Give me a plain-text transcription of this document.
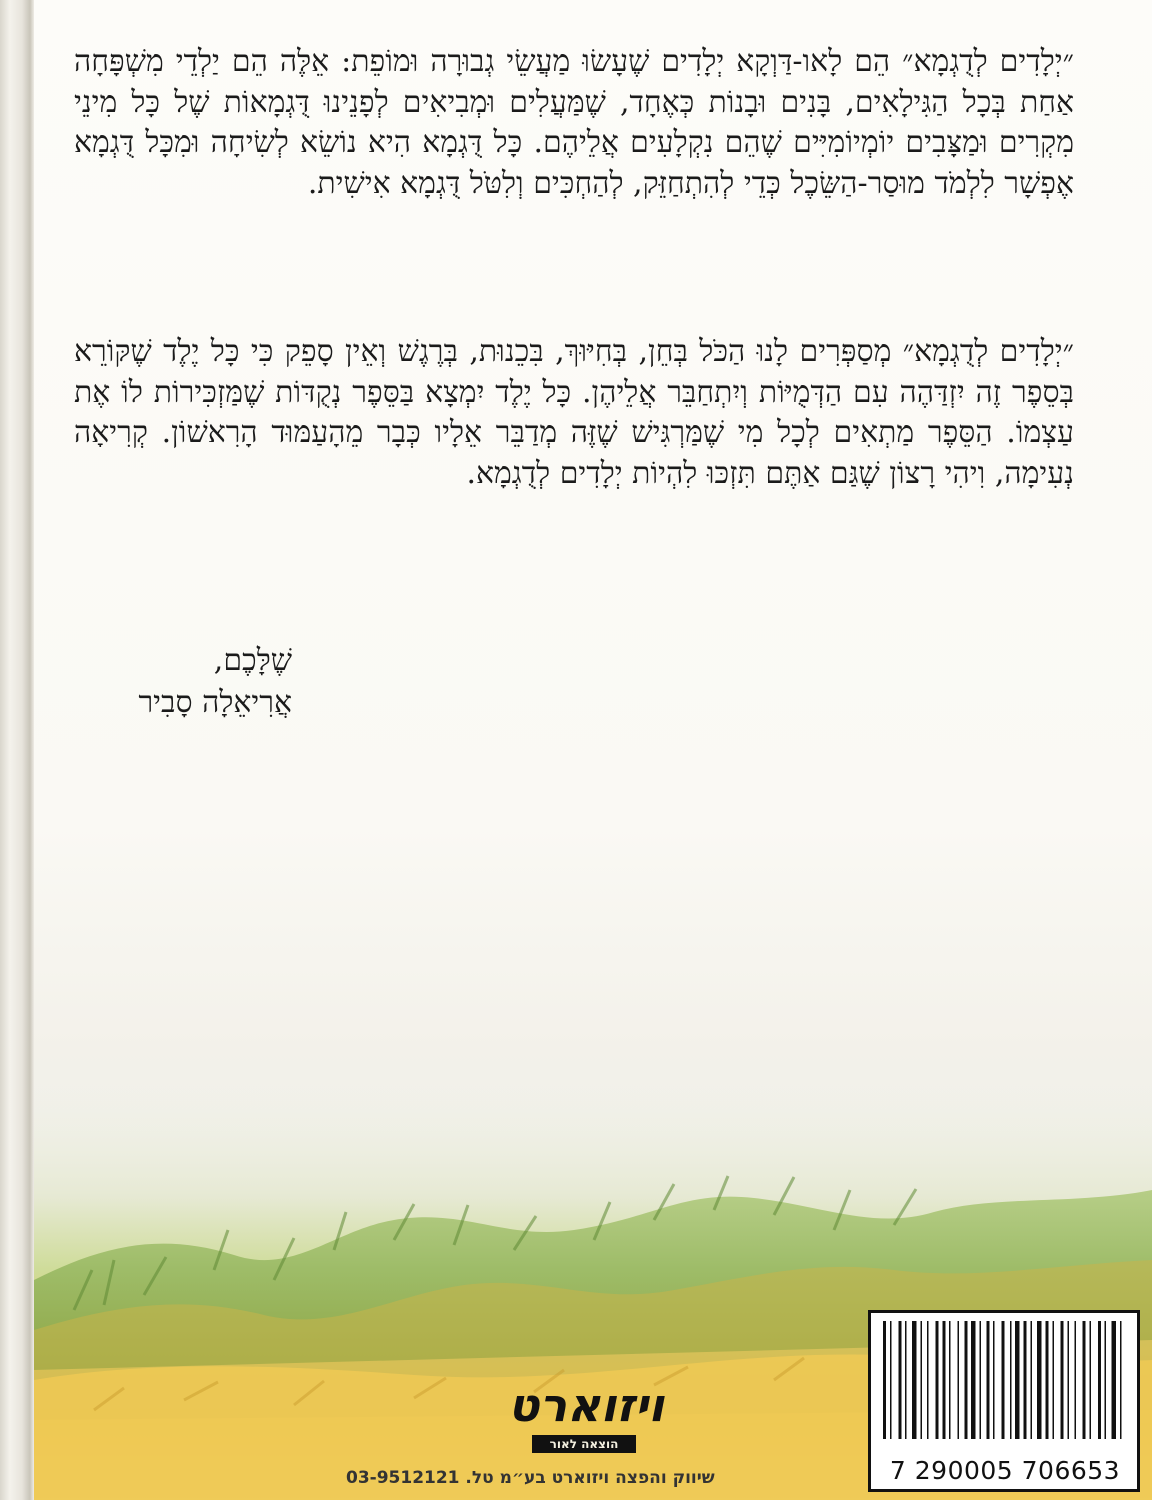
״יְלָדִים לְדֻגְמָא״ הֵם לָאו-דַּוְקָא יְלָדִים שֶׁעָשׂוּ מַעֲשֵׂי גְבוּרָה וּמוֹפֵת: אֵלֶּה הֵם יַלְדֵי מִשְׁפָּחָה אַחַת בְּכָל הַגִּילָאִים, בָּנִים וּבָנוֹת כְּאֶחָד, שֶׁמַּעֲלִים וּמְבִיאִים לְפָנֵינוּ דֻּגְמָאוֹת שֶׁל כָּל מִינֵי מִקְרִים וּמַצָּבִים יוֹמְיוֹמִיִּים שֶׁהֵם נִקְלָעִים אֲלֵיהֶם. כָּל דֻּגְמָא הִיא נוֹשֵׂא לְשִׂיחָה וּמִכָּל דֻּגְמָא אֶפְשָׁר לִלְמֹד מוּסַר-הַשֵּׂכֶל כְּדֵי לְהִתְחַזֵּק, לְהַחְכִּים וְלִטֹּל דֻּגְמָא אִישִׁית.

״יְלָדִים לְדֻגְמָא״ מְסַפְּרִים לָנוּ הַכֹּל בְּחֵן, בְּחִיּוּךְ, בִּכֵנוּת, בְּרֶגֶשׁ וְאֵין סָפֵק כִּי כָּל יֶלֶד שֶׁקּוֹרֵא בְּסֵפֶר זֶה יִזְדַּהֶה עִם הַדְּמֻיּוֹת וְיִתְחַבֵּר אֲלֵיהֶן. כָּל יֶלֶד יִמְצָא בַּסֵּפֶר נְקֻדּוֹת שֶׁמַּזְכִּירוֹת לוֹ אֶת עַצְמוֹ. הַסֵּפֶר מַתְאִים לְכָל מִי שֶׁמַּרְגִּישׁ שֶׁזֶּה מְדַבֵּר אֵלָיו כְּבָר מֵהָעַמּוּד הָרִאשׁוֹן. קְרִיאָה נְעִימָה, וִיהִי רָצוֹן שֶׁגַּם אַתֶּם תִּזְכּוּ לִהְיוֹת יְלָדִים לְדֻגְמָא.

שֶׁלָּכֶם,
אֲרִיאֵלָה סָבִיר
ויזוארט
הוצאה לאור
שיווק והפצה ויזוארט בע״מ טל. 03-9512121	7 290005 706653
